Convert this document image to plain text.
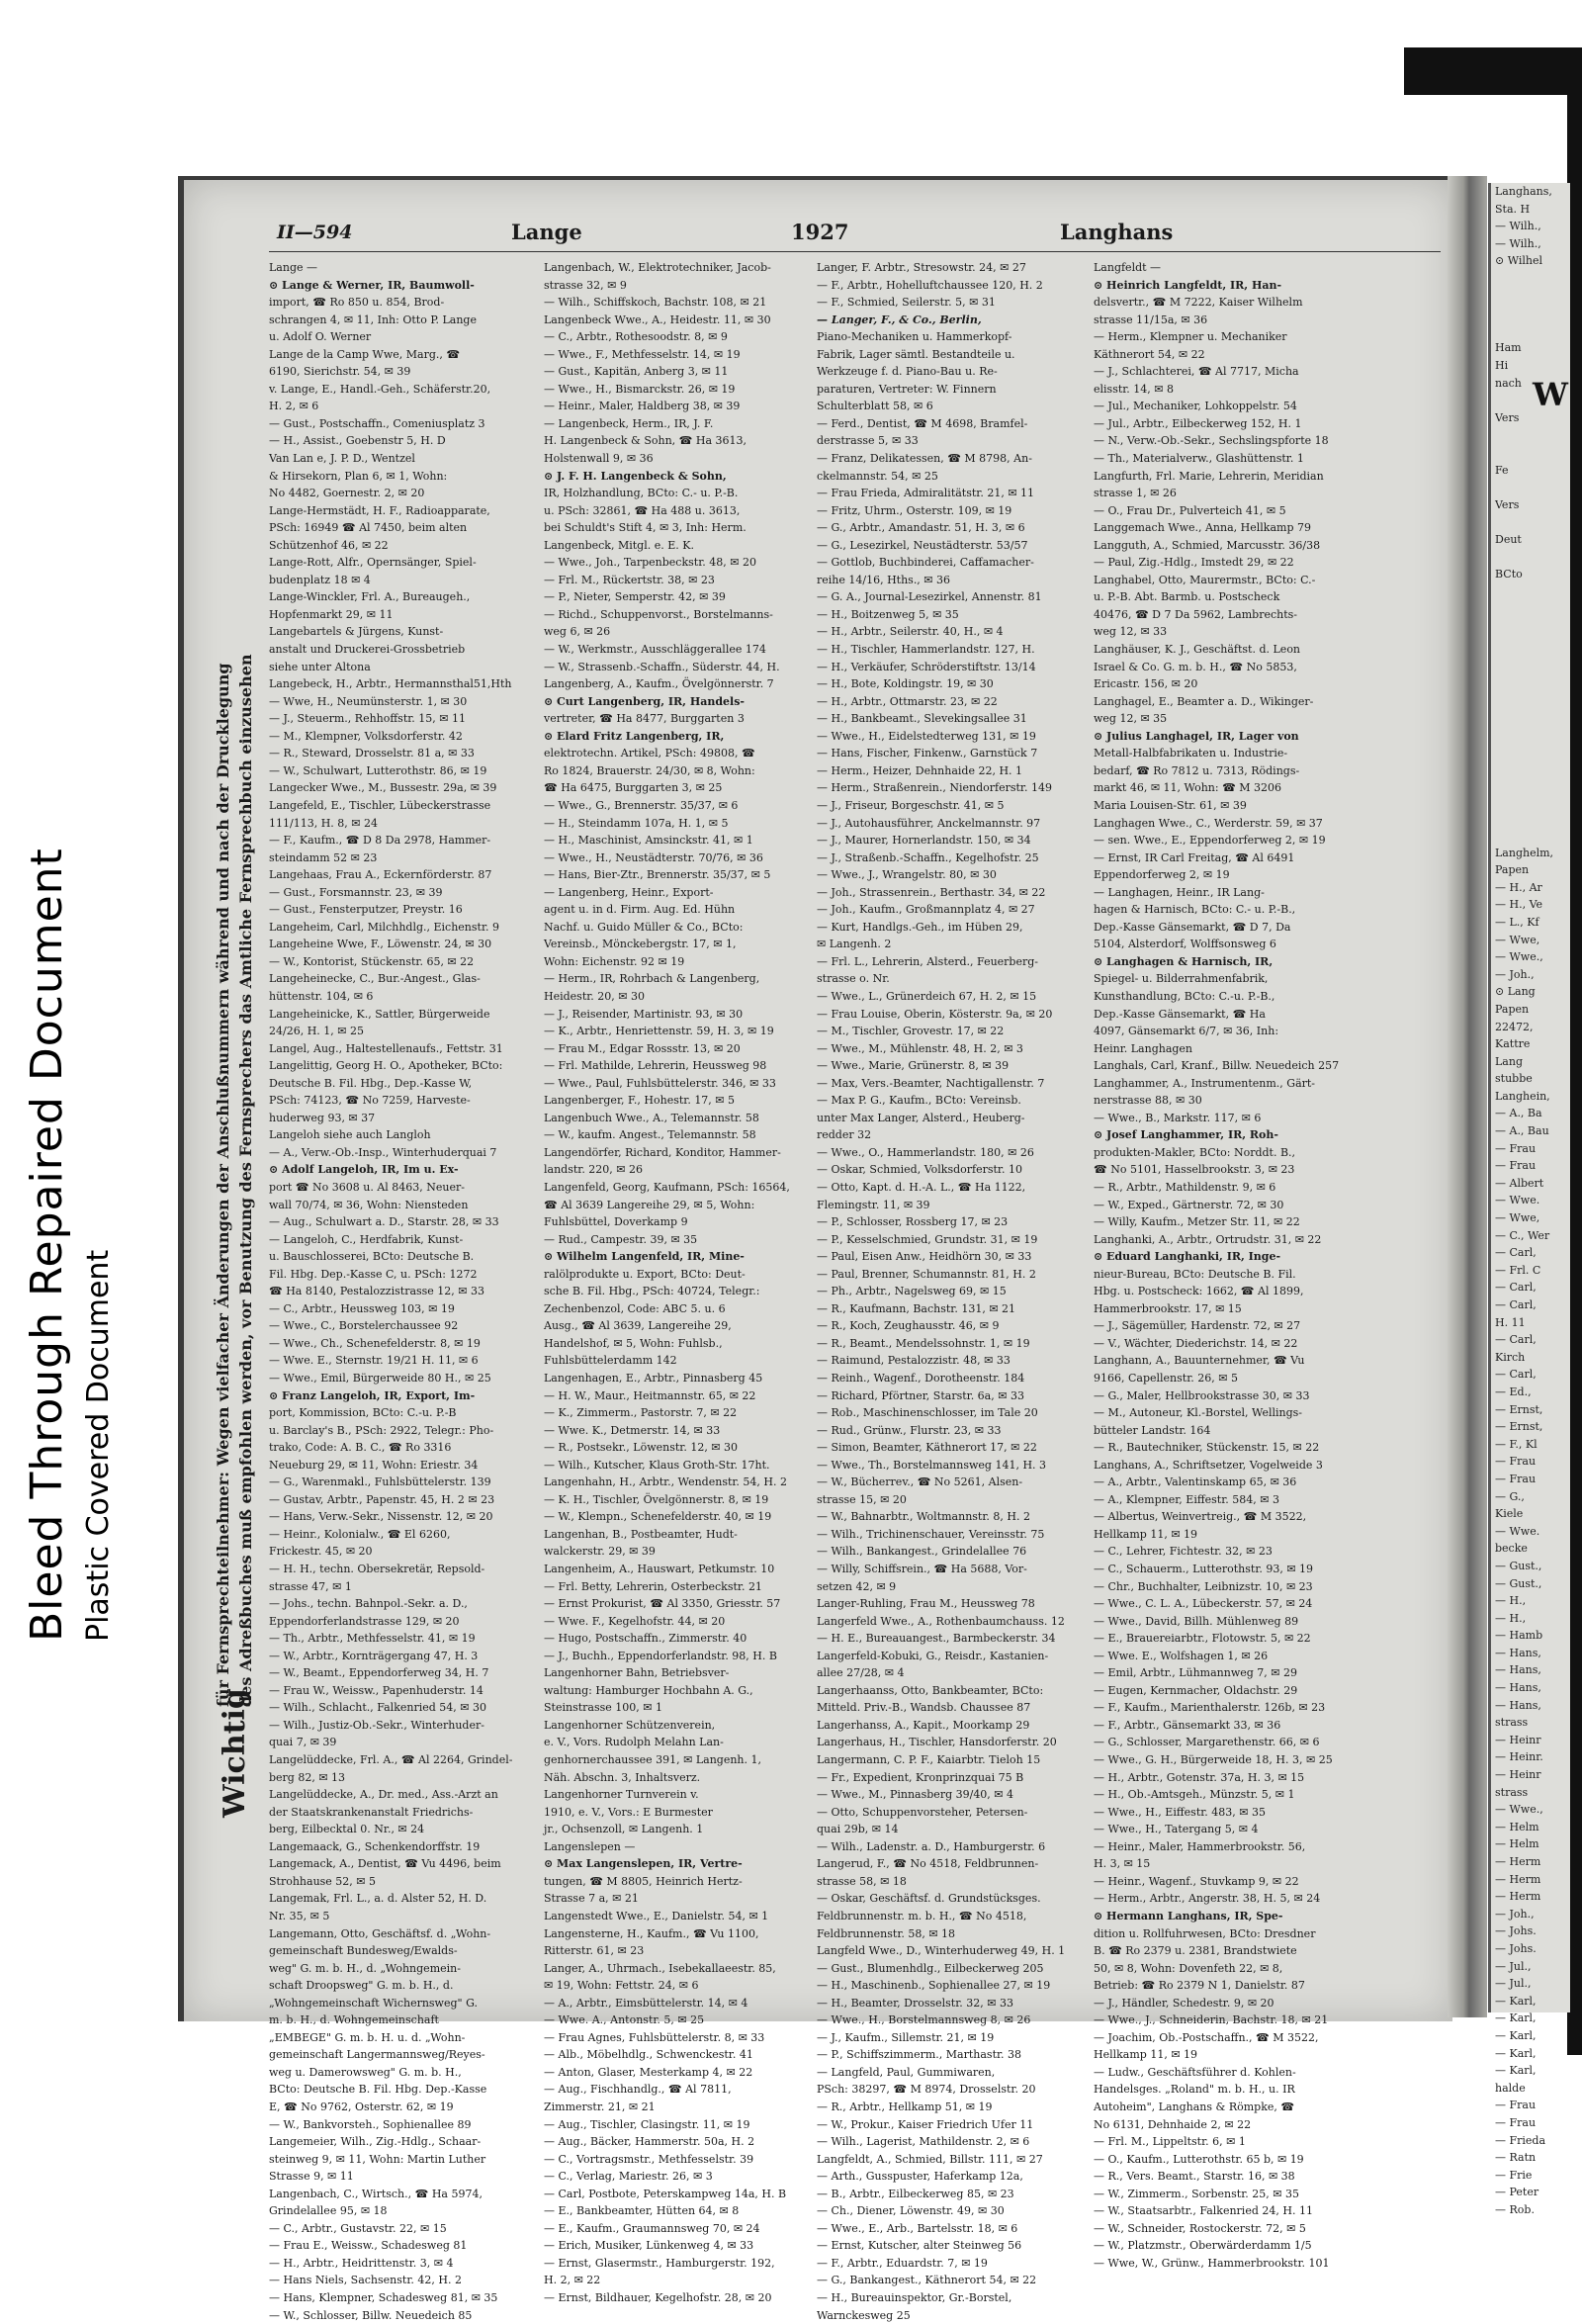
Bleed Through Repaired Document Plastic Covered Document
Langhans,
Sta. H
— Wilh.,
— Wilh.,
⊙ Wilhel

Ham
Hi
nach

Vers

Fe

Vers

Deut

BCto

Langhelm,
Papen
— H., Ar
— H., Ve
— L., Kf
— Wwe,
— Wwe.,
— Joh.,
⊙ Lang
Papen
22472,
Kattre
Lang
stubbe
Langhein,
— A., Ba
— A., Bau
— Frau
— Frau
— Albert
— Wwe.
— Wwe,
— C., Wer
— Carl,
— Frl. C
— Carl,
— Carl,
H. 11
— Carl,
Kirch
— Carl,
— Ed.,
— Ernst,
— Ernst,
— F., Kl
— Frau
— Frau
— G.,
Kiele
— Wwe.
becke
— Gust.,
— Gust.,
— H.,
— H.,
— Hamb
— Hans,
— Hans,
— Hans,
— Hans,
strass
— Heinr
— Heinr.
— Heinr
strass
— Wwe.,
— Helm
— Helm
— Herm
— Herm
— Herm
— Joh.,
— Johs.
— Johs.
— Jul.,
— Jul.,
— Karl,
— Karl,
— Karl,
— Karl,
— Karl,
halde
— Frau
— Frau
— Frieda
— Ratn
— Frie
— Peter
— Rob.
W
Wichtig
für Fernsprechteilnehmer: Wegen vielfacher Änderungen der Anschlußnummern während und nach der Drucklegung des Adreßbuches muß empfohlen werden, vor Benutzung des Fernsprechers das Amtliche Fernsprechbuch einzusehen
II—594	Lange	1927	Langhans
Lange —
⊙ Lange & Werner, IR, Baumwoll-
import, ☎ Ro 850 u. 854, Brod-
schrangen 4, ✉ 11, Inh: Otto P. Lange
u. Adolf O. Werner
Lange de la Camp Wwe, Marg., ☎
6190, Sierichstr. 54, ✉ 39
v. Lange, E., Handl.-Geh., Schäferstr.20,
H. 2, ✉ 6
— Gust., Postschaffn., Comeniusplatz 3
— H., Assist., Goebenstr 5, H. D
Van Lan e, J. P. D., Wentzel
& Hirsekorn, Plan 6, ✉ 1, Wohn:
No 4482, Goernestr. 2, ✉ 20
Lange-Hermstädt, H. F., Radioapparate,
PSch: 16949 ☎ Al 7450, beim alten
Schützenhof 46, ✉ 22
Lange-Rott, Alfr., Opernsänger, Spiel-
budenplatz 18 ✉ 4
Lange-Winckler, Frl. A., Bureaugeh.,
Hopfenmarkt 29, ✉ 11
Langebartels & Jürgens, Kunst-
anstalt und Druckerei-Grossbetrieb
siehe unter Altona
Langebeck, H., Arbtr., Hermannsthal51,Hth
— Wwe, H., Neumünsterstr. 1, ✉ 30
— J., Steuerm., Rehhoffstr. 15, ✉ 11
— M., Klempner, Volksdorferstr. 42
— R., Steward, Drosselstr. 81 a, ✉ 33
— W., Schulwart, Lutterothstr. 86, ✉ 19
Langecker Wwe., M., Bussestr. 29a, ✉ 39
Langefeld, E., Tischler, Lübeckerstrasse
111/113, H. 8, ✉ 24
— F., Kaufm., ☎ D 8 Da 2978, Hammer-
steindamm 52 ✉ 23
Langehaas, Frau A., Eckernförderstr. 87
— Gust., Forsmannstr. 23, ✉ 39
— Gust., Fensterputzer, Preystr. 16
Langeheim, Carl, Milchhdlg., Eichenstr. 9
Langeheine Wwe, F., Löwenstr. 24, ✉ 30
— W., Kontorist, Stückenstr. 65, ✉ 22
Langeheinecke, C., Bur.-Angest., Glas-
hüttenstr. 104, ✉ 6
Langeheinicke, K., Sattler, Bürgerweide
24/26, H. 1, ✉ 25
Langel, Aug., Haltestellenaufs., Fettstr. 31
Langelittig, Georg H. O., Apotheker, BCto:
Deutsche B. Fil. Hbg., Dep.-Kasse W,
PSch: 74123, ☎ No 7259, Harveste-
huderweg 93, ✉ 37
Langeloh siehe auch Langloh
— A., Verw.-Ob.-Insp., Winterhuderquai 7
⊙ Adolf Langeloh, IR, Im u. Ex-
port ☎ No 3608 u. Al 8463, Neuer-
wall 70/74, ✉ 36, Wohn: Niensteden
— Aug., Schulwart a. D., Starstr. 28, ✉ 33
— Langeloh, C., Herdfabrik, Kunst-
u. Bauschlosserei, BCto: Deutsche B.
Fil. Hbg. Dep.-Kasse C, u. PSch: 1272
☎ Ha 8140, Pestalozzistrasse 12, ✉ 33
— C., Arbtr., Heussweg 103, ✉ 19
— Wwe., C., Borstelerchaussee 92
— Wwe., Ch., Schenefelderstr. 8, ✉ 19
— Wwe. E., Sternstr. 19/21 H. 11, ✉ 6
— Wwe., Emil, Bürgerweide 80 H., ✉ 25
⊙ Franz Langeloh, IR, Export, Im-
port, Kommission, BCto: C.-u. P.-B
u. Barclay's B., PSch: 2922, Telegr.: Pho-
trako, Code: A. B. C., ☎ Ro 3316
Neueburg 29, ✉ 11, Wohn: Eriestr. 34
— G., Warenmakl., Fuhlsbüttelerstr. 139
— Gustav, Arbtr., Papenstr. 45, H. 2 ✉ 23
— Hans, Verw.-Sekr., Nissenstr. 12, ✉ 20
— Heinr., Kolonialw., ☎ El 6260,
Frickestr. 45, ✉ 20
— H. H., techn. Obersekretär, Repsold-
strasse 47, ✉ 1
— Johs., techn. Bahnpol.-Sekr. a. D.,
Eppendorferlandstrasse 129, ✉ 20
— Th., Arbtr., Methfesselstr. 41, ✉ 19
— W., Arbtr., Kornträgergang 47, H. 3
— W., Beamt., Eppendorferweg 34, H. 7
— Frau W., Weissw., Papenhuderstr. 14
— Wilh., Schlacht., Falkenried 54, ✉ 30
— Wilh., Justiz-Ob.-Sekr., Winterhuder-
quai 7, ✉ 39
Langelüddecke, Frl. A., ☎ Al 2264, Grindel-
berg 82, ✉ 13
Langelüddecke, A., Dr. med., Ass.-Arzt an
der Staatskrankenanstalt Friedrichs-
berg, Eilbecktal 0. Nr., ✉ 24
Langemaack, G., Schenkendorffstr. 19
Langemack, A., Dentist, ☎ Vu 4496, beim
Strohhause 52, ✉ 5
Langemak, Frl. L., a. d. Alster 52, H. D.
Nr. 35, ✉ 5
Langemann, Otto, Geschäftsf. d. „Wohn-
gemeinschaft Bundesweg/Ewalds-
weg" G. m. b. H., d. „Wohngemein-
schaft Droopsweg" G. m. b. H., d.
„Wohngemeinschaft Wichernsweg" G.
m. b. H., d. Wohngemeinschaft
„EMBEGE" G. m. b. H. u. d. „Wohn-
gemeinschaft Langermannsweg/Reyes-
weg u. Damerowsweg" G. m. b. H.,
BCto: Deutsche B. Fil. Hbg. Dep.-Kasse
E, ☎ No 9762, Osterstr. 62, ✉ 19
— W., Bankvorsteh., Sophienallee 89
Langemeier, Wilh., Zig.-Hdlg., Schaar-
steinweg 9, ✉ 11, Wohn: Martin Luther
Strasse 9, ✉ 11
Langenbach, C., Wirtsch., ☎ Ha 5974,
Grindelallee 95, ✉ 18
— C., Arbtr., Gustavstr. 22, ✉ 15
— Frau E., Weissw., Schadesweg 81
— H., Arbtr., Heidrittenstr. 3, ✉ 4
— Hans Niels, Sachsenstr. 42, H. 2
— Hans, Klempner, Schadesweg 81, ✉ 35
— W., Schlosser, Billw. Neuedeich 85
Langenbach, W., Elektrotechniker, Jacob-
strasse 32, ✉ 9
— Wilh., Schiffskoch, Bachstr. 108, ✉ 21
Langenbeck Wwe., A., Heidestr. 11, ✉ 30
— C., Arbtr., Rothesoodstr. 8, ✉ 9
— Wwe., F., Methfesselstr. 14, ✉ 19
— Gust., Kapitän, Anberg 3, ✉ 11
— Wwe., H., Bismarckstr. 26, ✉ 19
— Heinr., Maler, Haldberg 38, ✉ 39
— Langenbeck, Herm., IR, J. F.
H. Langenbeck & Sohn, ☎ Ha 3613,
Holstenwall 9, ✉ 36
⊙ J. F. H. Langenbeck & Sohn,
IR, Holzhandlung, BCto: C.- u. P.-B.
u. PSch: 32861, ☎ Ha 488 u. 3613,
bei Schuldt's Stift 4, ✉ 3, Inh: Herm.
Langenbeck, Mitgl. e. E. K.
— Wwe., Joh., Tarpenbeckstr. 48, ✉ 20
— Frl. M., Rückertstr. 38, ✉ 23
— P., Nieter, Semperstr. 42, ✉ 39
— Richd., Schuppenvorst., Borstelmanns-
weg 6, ✉ 26
— W., Werkmstr., Ausschläggerallee 174
— W., Strassenb.-Schaffn., Süderstr. 44, H.
Langenberg, A., Kaufm., Övelgönnerstr. 7
⊙ Curt Langenberg, IR, Handels-
vertreter, ☎ Ha 8477, Burggarten 3
⊙ Elard Fritz Langenberg, IR,
elektrotechn. Artikel, PSch: 49808, ☎
Ro 1824, Brauerstr. 24/30, ✉ 8, Wohn:
☎ Ha 6475, Burggarten 3, ✉ 25
— Wwe., G., Brennerstr. 35/37, ✉ 6
— H., Steindamm 107a, H. 1, ✉ 5
— H., Maschinist, Amsinckstr. 41, ✉ 1
— Wwe., H., Neustädterstr. 70/76, ✉ 36
— Hans, Bier-Ztr., Brennerstr. 35/37, ✉ 5
— Langenberg, Heinr., Export-
agent u. in d. Firm. Aug. Ed. Hühn
Nachf. u. Guido Müller & Co., BCto:
Vereinsb., Mönckebergstr. 17, ✉ 1,
Wohn: Eichenstr. 92 ✉ 19
— Herm., IR, Rohrbach & Langenberg,
Heidestr. 20, ✉ 30
— J., Reisender, Martinistr. 93, ✉ 30
— K., Arbtr., Henriettenstr. 59, H. 3, ✉ 19
— Frau M., Edgar Rossstr. 13, ✉ 20
— Frl. Mathilde, Lehrerin, Heussweg 98
— Wwe., Paul, Fuhlsbüttelerstr. 346, ✉ 33
Langenberger, F., Hohestr. 17, ✉ 5
Langenbuch Wwe., A., Telemannstr. 58
— W., kaufm. Angest., Telemannstr. 58
Langendörfer, Richard, Konditor, Hammer-
landstr. 220, ✉ 26
Langenfeld, Georg, Kaufmann, PSch: 16564,
☎ Al 3639 Langereihe 29, ✉ 5, Wohn:
Fuhlsbüttel, Doverkamp 9
— Rud., Campestr. 39, ✉ 35
⊙ Wilhelm Langenfeld, IR, Mine-
ralölprodukte u. Export, BCto: Deut-
sche B. Fil. Hbg., PSch: 40724, Telegr.:
Zechenbenzol, Code: ABC 5. u. 6
Ausg., ☎ Al 3639, Langereihe 29,
Handelshof, ✉ 5, Wohn: Fuhlsb.,
Fuhlsbüttelerdamm 142
Langenhagen, E., Arbtr., Pinnasberg 45
— H. W., Maur., Heitmannstr. 65, ✉ 22
— K., Zimmerm., Pastorstr. 7, ✉ 22
— Wwe. K., Detmerstr. 14, ✉ 33
— R., Postsekr., Löwenstr. 12, ✉ 30
— Wilh., Kutscher, Klaus Groth-Str. 17ht.
Langenhahn, H., Arbtr., Wendenstr. 54, H. 2
— K. H., Tischler, Övelgönnerstr. 8, ✉ 19
— W., Klempn., Schenefelderstr. 40, ✉ 19
Langenhan, B., Postbeamter, Hudt-
walckerstr. 29, ✉ 39
Langenheim, A., Hauswart, Petkumstr. 10
— Frl. Betty, Lehrerin, Osterbeckstr. 21
— Ernst Prokurist, ☎ Al 3350, Griesstr. 57
— Wwe. F., Kegelhofstr. 44, ✉ 20
— Hugo, Postschaffn., Zimmerstr. 40
— J., Buchh., Eppendorferlandstr. 98, H. B
Langenhorner Bahn, Betriebsver-
waltung: Hamburger Hochbahn A. G.,
Steinstrasse 100, ✉ 1
Langenhorner Schützenverein,
e. V., Vors. Rudolph Melahn Lan-
genhornerchaussee 391, ✉ Langenh. 1,
Näh. Abschn. 3, Inhaltsverz.
Langenhorner Turnverein v.
1910, e. V., Vors.: E Burmester
jr., Ochsenzoll, ✉ Langenh. 1
Langenslepen —
⊙ Max Langenslepen, IR, Vertre-
tungen, ☎ M 8805, Heinrich Hertz-
Strasse 7 a, ✉ 21
Langenstedt Wwe., E., Danielstr. 54, ✉ 1
Langensterne, H., Kaufm., ☎ Vu 1100,
Ritterstr. 61, ✉ 23
Langer, A., Uhrmach., Isebekallaeestr. 85,
✉ 19, Wohn: Fettstr. 24, ✉ 6
— A., Arbtr., Eimsbüttelerstr. 14, ✉ 4
— Wwe. A., Antonstr. 5, ✉ 25
— Frau Agnes, Fuhlsbüttelerstr. 8, ✉ 33
— Alb., Möbelhdlg., Schwenckestr. 41
— Anton, Glaser, Mesterkamp 4, ✉ 22
— Aug., Fischhandlg., ☎ Al 7811,
Zimmerstr. 21, ✉ 21
— Aug., Tischler, Clasingstr. 11, ✉ 19
— Aug., Bäcker, Hammerstr. 50a, H. 2
— C., Vortragsmstr., Methfesselstr. 39
— C., Verlag, Mariestr. 26, ✉ 3
— Carl, Postbote, Peterskampweg 14a, H. B
— E., Bankbeamter, Hütten 64, ✉ 8
— E., Kaufm., Graumannsweg 70, ✉ 24
— Erich, Musiker, Lünkenweg 4, ✉ 33
— Ernst, Glasermstr., Hamburgerstr. 192,
H. 2, ✉ 22
— Ernst, Bildhauer, Kegelhofstr. 28, ✉ 20
Langer, F. Arbtr., Stresowstr. 24, ✉ 27
— F., Arbtr., Hohelluftchaussee 120, H. 2
— F., Schmied, Seilerstr. 5, ✉ 31
— Langer, F., & Co., Berlin,
Piano-Mechaniken u. Hammerkopf-
Fabrik, Lager sämtl. Bestandteile u.
Werkzeuge f. d. Piano-Bau u. Re-
paraturen, Vertreter: W. Finnern
Schulterblatt 58, ✉ 6
— Ferd., Dentist, ☎ M 4698, Bramfel-
derstrasse 5, ✉ 33
— Franz, Delikatessen, ☎ M 8798, An-
ckelmannstr. 54, ✉ 25
— Frau Frieda, Admiralitätstr. 21, ✉ 11
— Fritz, Uhrm., Osterstr. 109, ✉ 19
— G., Arbtr., Amandastr. 51, H. 3, ✉ 6
— G., Lesezirkel, Neustädterstr. 53/57
— Gottlob, Buchbinderei, Caffamacher-
reihe 14/16, Hths., ✉ 36
— G. A., Journal-Lesezirkel, Annenstr. 81
— H., Boitzenweg 5, ✉ 35
— H., Arbtr., Seilerstr. 40, H., ✉ 4
— H., Tischler, Hammerlandstr. 127, H.
— H., Verkäufer, Schröderstiftstr. 13/14
— H., Bote, Koldingstr. 19, ✉ 30
— H., Arbtr., Ottmarstr. 23, ✉ 22
— H., Bankbeamt., Slevekingsallee 31
— Wwe., H., Eidelstedterweg 131, ✉ 19
— Hans, Fischer, Finkenw., Garnstück 7
— Herm., Heizer, Dehnhaide 22, H. 1
— Herm., Straßenrein., Niendorferstr. 149
— J., Friseur, Borgeschstr. 41, ✉ 5
— J., Autohausführer, Anckelmannstr. 97
— J., Maurer, Hornerlandstr. 150, ✉ 34
— J., Straßenb.-Schaffn., Kegelhofstr. 25
— Wwe., J., Wrangelstr. 80, ✉ 30
— Joh., Strassenrein., Berthastr. 34, ✉ 22
— Joh., Kaufm., Großmannplatz 4, ✉ 27
— Kurt, Handlgs.-Geh., im Hüben 29,
✉ Langenh. 2
— Frl. L., Lehrerin, Alsterd., Feuerberg-
strasse o. Nr.
— Wwe., L., Grünerdeich 67, H. 2, ✉ 15
— Frau Louise, Oberin, Kösterstr. 9a, ✉ 20
— M., Tischler, Grovestr. 17, ✉ 22
— Wwe., M., Mühlenstr. 48, H. 2, ✉ 3
— Wwe., Marie, Grünerstr. 8, ✉ 39
— Max, Vers.-Beamter, Nachtigallenstr. 7
— Max P. G., Kaufm., BCto: Vereinsb.
unter Max Langer, Alsterd., Heuberg-
redder 32
— Wwe., O., Hammerlandstr. 180, ✉ 26
— Oskar, Schmied, Volksdorferstr. 10
— Otto, Kapt. d. H.-A. L., ☎ Ha 1122,
Flemingstr. 11, ✉ 39
— P., Schlosser, Rossberg 17, ✉ 23
— P., Kesselschmied, Grundstr. 31, ✉ 19
— Paul, Eisen Anw., Heidhörn 30, ✉ 33
— Paul, Brenner, Schumannstr. 81, H. 2
— Ph., Arbtr., Nagelsweg 69, ✉ 15
— R., Kaufmann, Bachstr. 131, ✉ 21
— R., Koch, Zeughausstr. 46, ✉ 9
— R., Beamt., Mendelssohnstr. 1, ✉ 19
— Raimund, Pestalozzistr. 48, ✉ 33
— Reinh., Wagenf., Dorotheenstr. 184
— Richard, Pförtner, Starstr. 6a, ✉ 33
— Rob., Maschinenschlosser, im Tale 20
— Rud., Grünw., Flurstr. 23, ✉ 33
— Simon, Beamter, Käthnerort 17, ✉ 22
— Wwe., Th., Borstelmannsweg 141, H. 3
— W., Bücherrev., ☎ No 5261, Alsen-
strasse 15, ✉ 20
— W., Bahnarbtr., Woltmannstr. 8, H. 2
— Wilh., Trichinenschauer, Vereinsstr. 75
— Wilh., Bankangest., Grindelallee 76
— Willy, Schiffsrein., ☎ Ha 5688, Vor-
setzen 42, ✉ 9
Langer-Ruhling, Frau M., Heussweg 78
Langerfeld Wwe., A., Rothenbaumchauss. 12
— H. E., Bureauangest., Barmbeckerstr. 34
Langerfeld-Kobuki, G., Reisdr., Kastanien-
allee 27/28, ✉ 4
Langerhaanss, Otto, Bankbeamter, BCto:
Mitteld. Priv.-B., Wandsb. Chaussee 87
Langerhanss, A., Kapit., Moorkamp 29
Langerhaus, H., Tischler, Hansdorferstr. 20
Langermann, C. P. F., Kaiarbtr. Tieloh 15
— Fr., Expedient, Kronprinzquai 75 B
— Wwe., M., Pinnasberg 39/40, ✉ 4
— Otto, Schuppenvorsteher, Petersen-
quai 29b, ✉ 14
— Wilh., Ladenstr. a. D., Hamburgerstr. 6
Langerud, F., ☎ No 4518, Feldbrunnen-
strasse 58, ✉ 18
— Oskar, Geschäftsf. d. Grundstücksges.
Feldbrunnenstr. m. b. H., ☎ No 4518,
Feldbrunnenstr. 58, ✉ 18
Langfeld Wwe., D., Winterhuderweg 49, H. 1
— Gust., Blumenhdlg., Eilbeckerweg 205
— H., Maschinenb., Sophienallee 27, ✉ 19
— H., Beamter, Drosselstr. 32, ✉ 33
— Wwe., H., Borstelmannsweg 8, ✉ 26
— J., Kaufm., Sillemstr. 21, ✉ 19
— P., Schiffszimmerm., Marthastr. 38
— Langfeld, Paul, Gummiwaren,
PSch: 38297, ☎ M 8974, Drosselstr. 20
— R., Arbtr., Hellkamp 51, ✉ 19
— W., Prokur., Kaiser Friedrich Ufer 11
— Wilh., Lagerist, Mathildenstr. 2, ✉ 6
Langfeldt, A., Schmied, Billstr. 111, ✉ 27
— Arth., Gusspuster, Haferkamp 12a,
— B., Arbtr., Eilbeckerweg 85, ✉ 23
— Ch., Diener, Löwenstr. 49, ✉ 30
— Wwe., E., Arb., Bartelsstr. 18, ✉ 6
— Ernst, Kutscher, alter Steinweg 56
— F., Arbtr., Eduardstr. 7, ✉ 19
— G., Bankangest., Käthnerort 54, ✉ 22
— H., Bureauinspektor, Gr.-Borstel,
Warnckesweg 25
Langfeldt —
⊙ Heinrich Langfeldt, IR, Han-
delsvertr., ☎ M 7222, Kaiser Wilhelm
strasse 11/15a, ✉ 36
— Herm., Klempner u. Mechaniker
Käthnerort 54, ✉ 22
— J., Schlachterei, ☎ Al 7717, Micha
elisstr. 14, ✉ 8
— Jul., Mechaniker, Lohkoppelstr. 54
— Jul., Arbtr., Eilbeckerweg 152, H. 1
— N., Verw.-Ob.-Sekr., Sechslingspforte 18
— Th., Materialverw., Glashüttenstr. 1
Langfurth, Frl. Marie, Lehrerin, Meridian
strasse 1, ✉ 26
— O., Frau Dr., Pulverteich 41, ✉ 5
Langgemach Wwe., Anna, Hellkamp 79
Langguth, A., Schmied, Marcusstr. 36/38
— Paul, Zig.-Hdlg., Imstedt 29, ✉ 22
Langhabel, Otto, Maurermstr., BCto: C.-
u. P.-B. Abt. Barmb. u. Postscheck
40476, ☎ D 7 Da 5962, Lambrechts-
weg 12, ✉ 33
Langhäuser, K. J., Geschäftst. d. Leon
Israel & Co. G. m. b. H., ☎ No 5853,
Ericastr. 156, ✉ 20
Langhagel, E., Beamter a. D., Wikinger-
weg 12, ✉ 35
⊙ Julius Langhagel, IR, Lager von
Metall-Halbfabrikaten u. Industrie-
bedarf, ☎ Ro 7812 u. 7313, Rödings-
markt 46, ✉ 11, Wohn: ☎ M 3206
Maria Louisen-Str. 61, ✉ 39
Langhagen Wwe., C., Werderstr. 59, ✉ 37
— sen. Wwe., E., Eppendorferweg 2, ✉ 19
— Ernst, IR Carl Freitag, ☎ Al 6491
Eppendorferweg 2, ✉ 19
— Langhagen, Heinr., IR Lang-
hagen & Harnisch, BCto: C.- u. P.-B.,
Dep.-Kasse Gänsemarkt, ☎ D 7, Da
5104, Alsterdorf, Wolffsonsweg 6
⊙ Langhagen & Harnisch, IR,
Spiegel- u. Bilderrahmenfabrik,
Kunsthandlung, BCto: C.-u. P.-B.,
Dep.-Kasse Gänsemarkt, ☎ Ha
4097, Gänsemarkt 6/7, ✉ 36, Inh:
Heinr. Langhagen
Langhals, Carl, Kranf., Billw. Neuedeich 257
Langhammer, A., Instrumentenm., Gärt-
nerstrasse 88, ✉ 30
— Wwe., B., Markstr. 117, ✉ 6
⊙ Josef Langhammer, IR, Roh-
produkten-Makler, BCto: Norddt. B.,
☎ No 5101, Hasselbrookstr. 3, ✉ 23
— R., Arbtr., Mathildenstr. 9, ✉ 6
— W., Exped., Gärtnerstr. 72, ✉ 30
— Willy, Kaufm., Metzer Str. 11, ✉ 22
Langhanki, A., Arbtr., Ortrudstr. 31, ✉ 22
⊙ Eduard Langhanki, IR, Inge-
nieur-Bureau, BCto: Deutsche B. Fil.
Hbg. u. Postscheck: 1662, ☎ Al 1899,
Hammerbrookstr. 17, ✉ 15
— J., Sägemüller, Hardenstr. 72, ✉ 27
— V., Wächter, Diederichstr. 14, ✉ 22
Langhann, A., Bauunternehmer, ☎ Vu
9166, Capellenstr. 26, ✉ 5
— G., Maler, Hellbrookstrasse 30, ✉ 33
— M., Autoneur, Kl.-Borstel, Wellings-
bütteler Landstr. 164
— R., Bautechniker, Stückenstr. 15, ✉ 22
Langhans, A., Schriftsetzer, Vogelweide 3
— A., Arbtr., Valentinskamp 65, ✉ 36
— A., Klempner, Eiffestr. 584, ✉ 3
— Albertus, Weinvertreig., ☎ M 3522,
Hellkamp 11, ✉ 19
— C., Lehrer, Fichtestr. 32, ✉ 23
— C., Schauerm., Lutterothstr. 93, ✉ 19
— Chr., Buchhalter, Leibnizstr. 10, ✉ 23
— Wwe., C. L. A., Lübeckerstr. 57, ✉ 24
— Wwe., David, Billh. Mühlenweg 89
— E., Brauereiarbtr., Flotowstr. 5, ✉ 22
— Wwe. E., Wolfshagen 1, ✉ 26
— Emil, Arbtr., Lühmannweg 7, ✉ 29
— Eugen, Kernmacher, Oldachstr. 29
— F., Kaufm., Marienthalerstr. 126b, ✉ 23
— F., Arbtr., Gänsemarkt 33, ✉ 36
— G., Schlosser, Margarethenstr. 66, ✉ 6
— Wwe., G. H., Bürgerweide 18, H. 3, ✉ 25
— H., Arbtr., Gotenstr. 37a, H. 3, ✉ 15
— H., Ob.-Amtsgeh., Münzstr. 5, ✉ 1
— Wwe., H., Eiffestr. 483, ✉ 35
— Wwe., H., Tatergang 5, ✉ 4
— Heinr., Maler, Hammerbrookstr. 56,
H. 3, ✉ 15
— Heinr., Wagenf., Stuvkamp 9, ✉ 22
— Herm., Arbtr., Angerstr. 38, H. 5, ✉ 24
⊙ Hermann Langhans, IR, Spe-
dition u. Rollfuhrwesen, BCto: Dresdner
B. ☎ Ro 2379 u. 2381, Brandstwiete
50, ✉ 8, Wohn: Dovenfeth 22, ✉ 8,
Betrieb: ☎ Ro 2379 N 1, Danielstr. 87
— J., Händler, Schedestr. 9, ✉ 20
— Wwe., J., Schneiderin, Bachstr. 18, ✉ 21
— Joachim, Ob.-Postschaffn., ☎ M 3522,
Hellkamp 11, ✉ 19
— Ludw., Geschäftsführer d. Kohlen-
Handelsges. „Roland" m. b. H., u. IR
Autoheim", Langhans & Römpke, ☎
No 6131, Dehnhaide 2, ✉ 22
— Frl. M., Lippeltstr. 6, ✉ 1
— O., Kaufm., Lutterothstr. 65 b, ✉ 19
— R., Vers. Beamt., Starstr. 16, ✉ 38
— W., Zimmerm., Sorbenstr. 25, ✉ 35
— W., Staatsarbtr., Falkenried 24, H. 11
— W., Schneider, Rostockerstr. 72, ✉ 5
— W., Platzmstr., Oberwärderdamm 1/5
— Wwe, W., Grünw., Hammerbrookstr. 101
